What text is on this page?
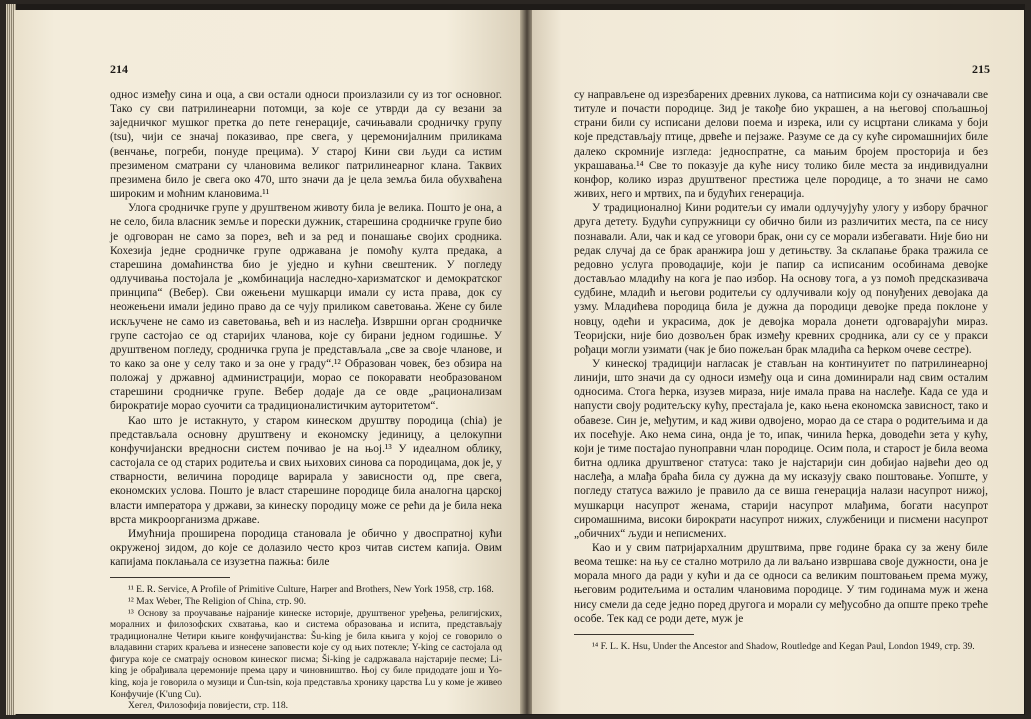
214

однос између сина и оца, а сви остали односи произлазили су из тог основног. Тако су сви патрилинеарни потомци, за које се утврди да су везани за заједничког мушког претка до пете генерације, сачињавали сродничку групу (tsu), чији се значај показивао, пре свега, у церемонијалним приликама (венчање, погреби, понуде прецима). У старој Кини сви људи са истим презименом сматрани су члановима великог патрилинеарног клана. Таквих презимена било је свега око 470, што значи да је цела земља била обухваћена широким и моћним клановима.¹¹

Улога сродничке групе у друштвеном животу била је велика. Пошто је она, а не село, била власник земље и порески дужник, старешина сродничке групе био је одговоран не само за порез, већ и за ред и понашање својих сродника. Кохезија једне сродничке групе одржавана је помоћу култа предака, а старешина домаћинства био је уједно и кућни свештеник. У погледу одлучивања постојала је „комбинација наследно-харизматског и демократског принципа“ (Вебер). Сви ожењени мушкарци имали су иста права, док су неожењени имали једино право да се чују приликом саветовања. Жене су биле искључене не само из саветовања, већ и из наслеђа. Извршни орган сродничке групе састојао се од старијих чланова, које су бирани једном годишње. У друштвеном погледу, сродничка група је представљала „све за своје чланове, и то како за оне у селу тако и за оне у граду“.¹² Образован човек, без обзира на положај у државној администрацији, морао се покоравати необразованом старешини сродничке групе. Вебер додаје да се овде „рационализам бирократије морао суочити са традиционалистичким ауторитетом“.

Као што је истакнуто, у старом кинеском друштву породица (chia) је представљала основну друштвену и економску јединицу, а целокупни конфучијански вредносни систем почивао је на њој.¹³ У идеалном облику, састојала се од старих родитеља и свих њихових синова са породицама, док је, у стварности, величина породице варирала у зависности од, пре свега, економских услова. Пошто је власт старешине породице била аналогна царској власти императора у држави, за кинеску породицу може се рећи да је била нека врста микроорганизма државе.

Имућнија проширена породица становала је обично у двоспратној кући окруженој зидом, до које се долазило често кроз читав систем капија. Овим капијама поклањала се изузетна пажња: биле

¹¹ E. R. Service, A Profile of Primitive Culture, Harper and Brothers, New York 1958, стр. 168.

¹² Max Weber, The Religion of China, стр. 90.

¹³ Основу за проучавање најраније кинеске историје, друштвеног уређења, религијских, моралних и филозофских схватања, као и система образовања и испита, представљају традиционалне Четири књиге конфучијанства: Šu-king је била књига у којој се говорило о владавини старих краљева и изнесене заповести које су од њих потекле; Y-king се састојала од фигура које се сматрају основом кинеског писма; Ši-king је садржавала најстарије песме; Li-king је обрађивала церемоније према цару и чиновништво. Њој су биле придодате још и Yo-king, која је говорила о музици и Čun-tsin, која представља хронику царства Lu у коме је живео Конфучије (K'ung Cu).

Хегел, Филозофија повијести, стр. 118.

215

су направљене од изрезбарених древних лукова, са натписима који су означавали све титуле и почасти породице. Зид је такође био украшен, а на његовој спољашњој страни били су исписани делови поема и изрека, или су исцртани сликама у боји које представљају птице, дрвеће и пејзаже. Разуме се да су куће сиромашнијих биле далеко скромније изгледа: једноспратне, са мањим бројем просторија и без украшавања.¹⁴ Све то показује да куће нису толико биле места за индивидуални конфор, колико израз друштвеног престижа целе породице, а то значи не само живих, него и мртвих, па и будућих генерација.

У традиционалној Кини родитељи су имали одлучујућу улогу у избору брачног друга детету. Будући супружници су обично били из различитих места, па се нису познавали. Али, чак и кад се уговори брак, они су се морали избегавати. Није био ни редак случај да се брак аранжира још у детињству. За склапање брака тражила се редовно услуга проводаџије, који је папир са исписаним особинама девојке достављао младићу на кога је пао избор. На основу тога, а уз помоћ предсказивача судбине, младић и његови родитељи су одлучивали коју од понуђених девојака да узму. Младићева породица била је дужна да породици девојке преда поклоне у новцу, одећи и украсима, док је девојка морала донети одговарајући мираз. Теоријски, није био дозвољен брак између кревних сродника, али су се у пракси рођаци могли узимати (чак је био пожељан брак младића са ћерком очеве сестре).

У кинеској традицији нагласак је стављан на континуитет по патрилинеарној линији, што значи да су односи између оца и сина доминирали над свим осталим односима. Стога ћерка, изузев мираза, није имала права на наслеђе. Када се уда и напусти своју родитељску кућу, престајала је, како њена економска зависност, тако и обавезе. Син је, међутим, и кад живи одвојено, морао да се стара о родитељима и да их посећује. Ако нема сина, онда је то, ипак, чинила ћерка, доводећи зета у кућу, који је тиме постајао пуноправни члан породице. Осим пола, и старост је била веома битна одлика друштвеног статуса: тако је најстарији син добијао највећи део од наслеђа, а млађа браћа била су дужна да му исказују свако поштовање. Уопште, у погледу статуса важило је правило да се виша генерација налази насупрот нижој, мушкарци насупрот женама, старији насупрот млађима, богати насупрот сиромашнима, високи бирократи насупрот нижих, службеници и писмени насупрот „обичних“ људи и неписмених.

Као и у свим патријархалним друштвима, прве године брака су за жену биле веома тешке: на њу се стално мотрило да ли ваљано извршава своје дужности, она је морала много да ради у кући и да се односи са великим поштовањем према мужу, његовим родитељима и осталим члановима породице. У тим годинама муж и жена нису смели да седе једно поред другога и морали су међусобно да опште преко треће особе. Тек кад се роди дете, муж је

¹⁴ F. L. K. Hsu, Under the Ancestor and Shadow, Routledge and Kegan Paul, London 1949, стр. 39.
